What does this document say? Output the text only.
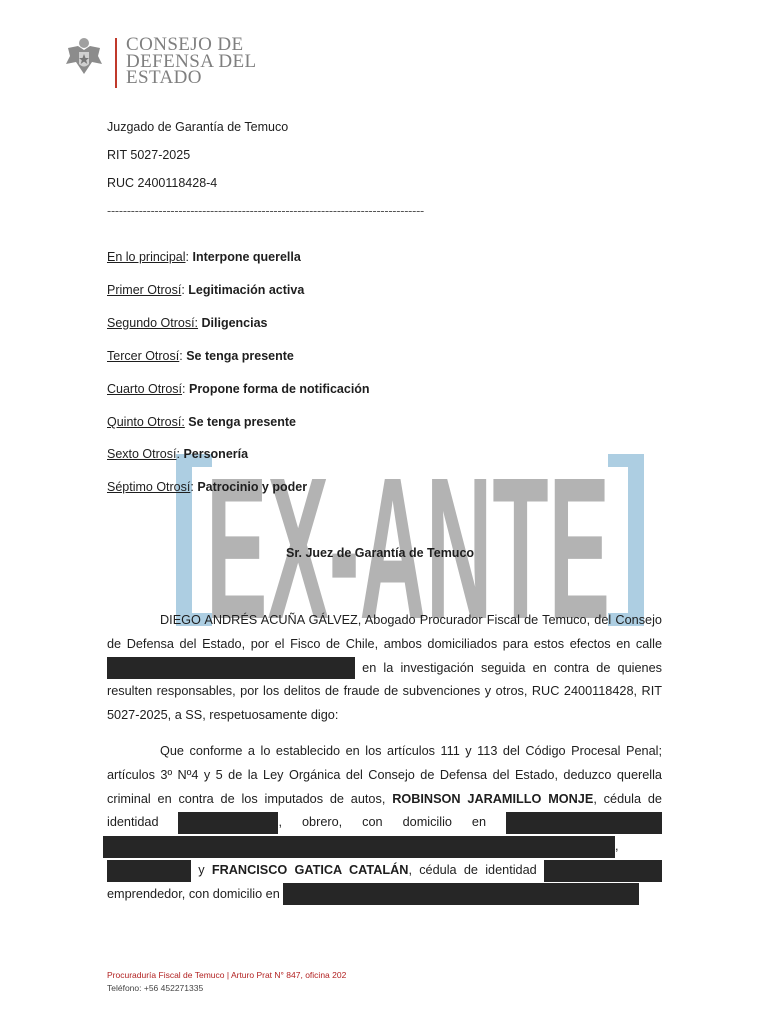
CONSEJO DE
DEFENSA DEL
ESTADO
Juzgado de Garantía de Temuco
RIT 5027-2025
RUC 2400118428-4
--------------------------------------------------------------------------------
EX-ANTE
En lo principal: Interpone querella
Primer Otrosí: Legitimación activa
Segundo Otrosí: Diligencias
Tercer Otrosí: Se tenga presente
Cuarto Otrosí: Propone forma de notificación
Quinto Otrosí: Se tenga presente
Sexto Otrosí: Personería
Séptimo Otrosí: Patrocinio y poder
Sr. Juez de Garantía de Temuco
DIEGO ANDRÉS ACUÑA GÁLVEZ, Abogado Procurador Fiscal de Temuco, del Consejo de Defensa del Estado, por el Fisco de Chile, ambos domiciliados para estos efectos en calle  en la investigación seguida en contra de quienes resulten responsables, por los delitos de fraude de subvenciones y otros, RUC 2400118428, RIT 5027-2025, a SS, respetuosamente digo:
Que conforme a lo establecido en los artículos 111 y 113 del Código Procesal Penal; artículos 3º Nº4 y 5 de la Ley Orgánica del Consejo de Defensa del Estado, deduzco querella criminal en contra de los imputados de autos, ROBINSON JARAMILLO MONJE, cédula de identidad	, obrero, con domicilio en  ,  y FRANCISCO GATICA CATALÁN, cédula de identidad  emprendedor, con domicilio en
Procuraduría Fiscal de Temuco | Arturo Prat N° 847, oficina 202
Teléfono: +56 452271335
